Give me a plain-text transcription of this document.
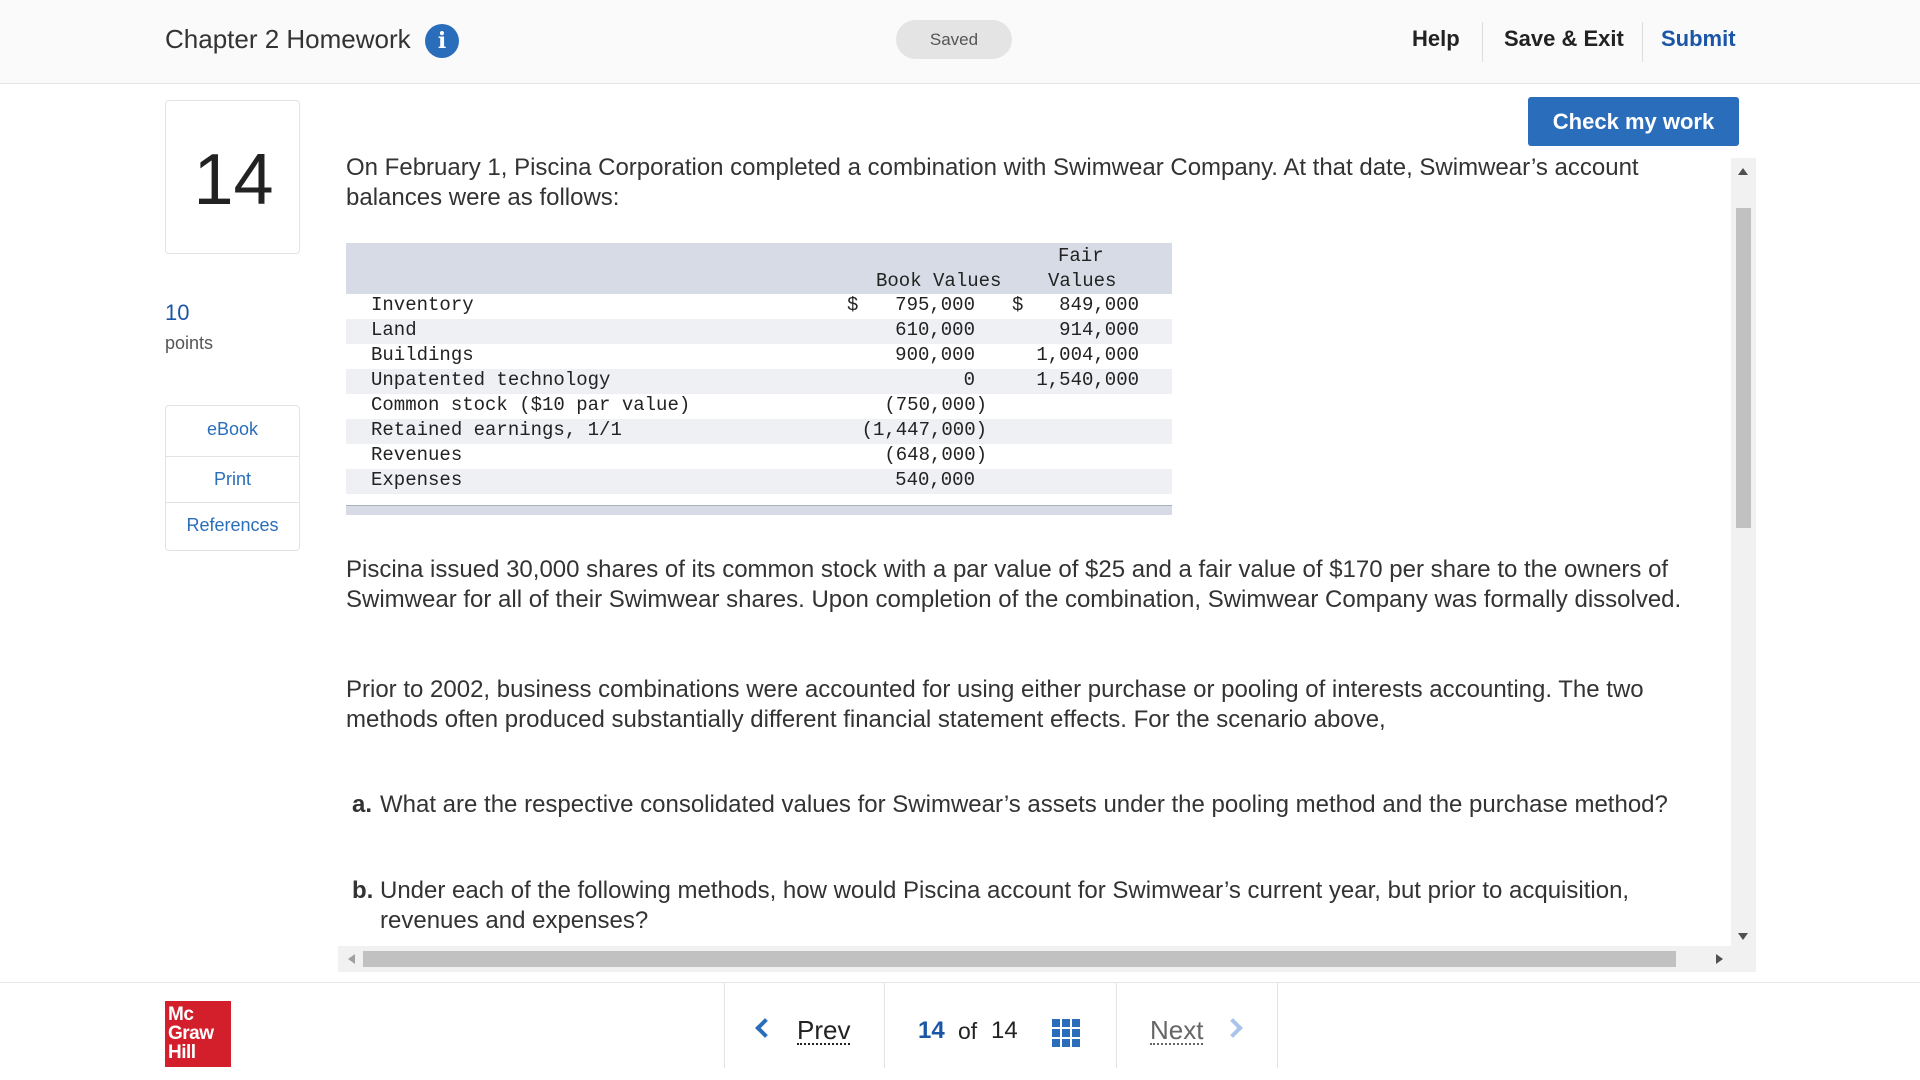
Chapter 2 Homework	i	Saved	Help Save & Exit Submit
14
10
points
eBook
Print
References
Check my work
On February 1, Piscina Corporation completed a combination with Swimwear Company. At that date, Swimwear’s account balances were as follows:
Book Values
Fair
Values
Inventory	$ 795,000 $ 849,000
Land	610,000	914,000
Buildings	900,000	1,004,000
Unpatented technology	0	1,540,000
Common stock ($10 par value)	(750,000)
Retained earnings, 1/1	(1,447,000)
Revenues	(648,000)
Expenses	540,000
Piscina issued 30,000 shares of its common stock with a par value of $25 and a fair value of $170 per share to the owners of Swimwear for all of their Swimwear shares. Upon completion of the combination, Swimwear Company was formally dissolved.
Prior to 2002, business combinations were accounted for using either purchase or pooling of interests accounting. The two methods often produced substantially different financial statement effects. For the scenario above,
a. What are the respective consolidated values for Swimwear’s assets under the pooling method and the purchase method?
b. Under each of the following methods, how would Piscina account for Swimwear’s current year, but prior to acquisition, revenues and expenses?
Mc
Graw
Hill
Prev	14 of 14	Next
